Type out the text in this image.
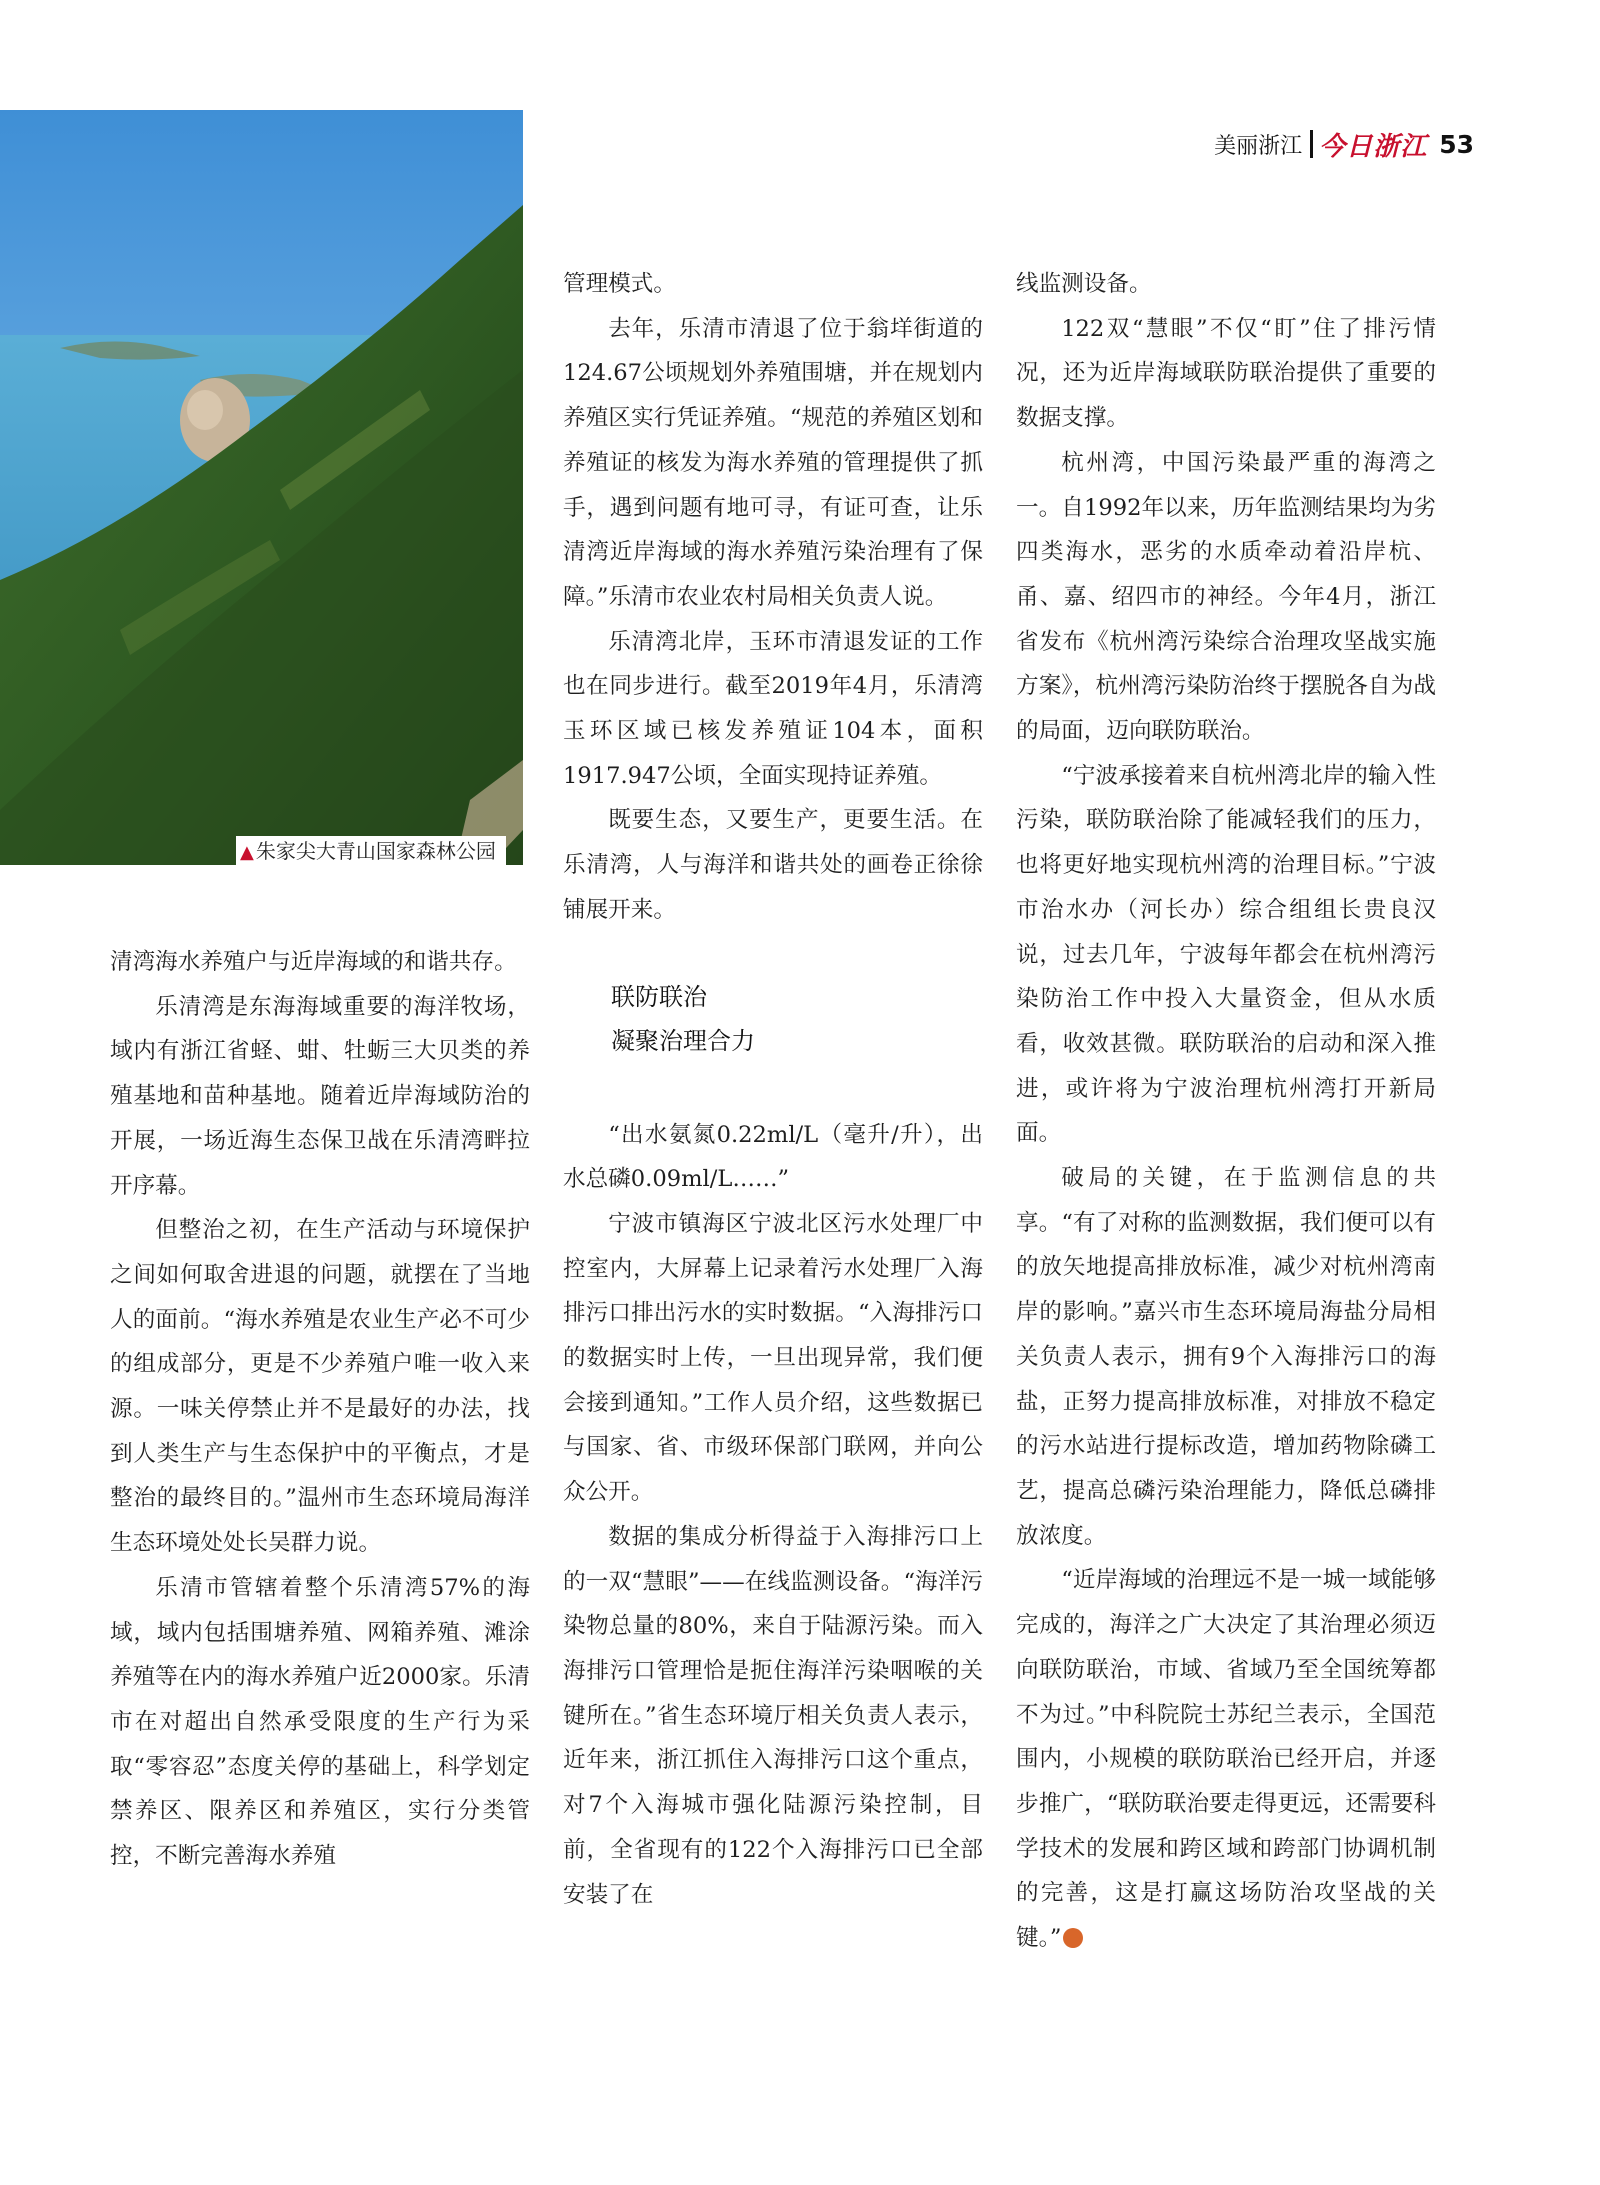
美丽浙江 今日浙江 53
▲ 朱家尖大青山国家森林公园

清湾海水养殖户与近岸海域的和谐共存。

乐清湾是东海海域重要的海洋牧场，域内有浙江省蛏、蚶、牡蛎三大贝类的养殖基地和苗种基地。随着近岸海域防治的开展，一场近海生态保卫战在乐清湾畔拉开序幕。

但整治之初，在生产活动与环境保护之间如何取舍进退的问题，就摆在了当地人的面前。“海水养殖是农业生产必不可少的组成部分，更是不少养殖户唯一收入来源。一味关停禁止并不是最好的办法，找到人类生产与生态保护中的平衡点，才是整治的最终目的。”温州市生态环境局海洋生态环境处处长吴群力说。

乐清市管辖着整个乐清湾57%的海域，域内包括围塘养殖、网箱养殖、滩涂养殖等在内的海水养殖户近2000家。乐清市在对超出自然承受限度的生产行为采取“零容忍”态度关停的基础上，科学划定禁养区、限养区和养殖区，实行分类管控，不断完善海水养殖

管理模式。

去年，乐清市清退了位于翁垟街道的124.67公顷规划外养殖围塘，并在规划内养殖区实行凭证养殖。“规范的养殖区划和养殖证的核发为海水养殖的管理提供了抓手，遇到问题有地可寻，有证可查，让乐清湾近岸海域的海水养殖污染治理有了保障。”乐清市农业农村局相关负责人说。

乐清湾北岸，玉环市清退发证的工作也在同步进行。截至2019年4月，乐清湾玉环区域已核发养殖证104本，面积1917.947公顷，全面实现持证养殖。

既要生态，又要生产，更要生活。在乐清湾，人与海洋和谐共处的画卷正徐徐铺展开来。

联防联治

凝聚治理合力

“出水氨氮0.22ml/L（毫升/升），出水总磷0.09ml/L……”

宁波市镇海区宁波北区污水处理厂中控室内，大屏幕上记录着污水处理厂入海排污口排出污水的实时数据。“入海排污口的数据实时上传，一旦出现异常，我们便会接到通知。”工作人员介绍，这些数据已与国家、省、市级环保部门联网，并向公众公开。

数据的集成分析得益于入海排污口上的一双“慧眼”——在线监测设备。“海洋污染物总量的80%，来自于陆源污染。而入海排污口管理恰是扼住海洋污染咽喉的关键所在。”省生态环境厅相关负责人表示，近年来，浙江抓住入海排污口这个重点，对7个入海城市强化陆源污染控制，目前，全省现有的122个入海排污口已全部安装了在

线监测设备。

122双“慧眼”不仅“盯”住了排污情况，还为近岸海域联防联治提供了重要的数据支撑。

杭州湾，中国污染最严重的海湾之一。自1992年以来，历年监测结果均为劣四类海水，恶劣的水质牵动着沿岸杭、甬、嘉、绍四市的神经。今年4月，浙江省发布《杭州湾污染综合治理攻坚战实施方案》，杭州湾污染防治终于摆脱各自为战的局面，迈向联防联治。

“宁波承接着来自杭州湾北岸的输入性污染，联防联治除了能减轻我们的压力，也将更好地实现杭州湾的治理目标。”宁波市治水办（河长办）综合组组长贵良汉说，过去几年，宁波每年都会在杭州湾污染防治工作中投入大量资金，但从水质看，收效甚微。联防联治的启动和深入推进，或许将为宁波治理杭州湾打开新局面。

破局的关键，在于监测信息的共享。“有了对称的监测数据，我们便可以有的放矢地提高排放标准，减少对杭州湾南岸的影响。”嘉兴市生态环境局海盐分局相关负责人表示，拥有9个入海排污口的海盐，正努力提高排放标准，对排放不稳定的污水站进行提标改造，增加药物除磷工艺，提高总磷污染治理能力，降低总磷排放浓度。

“近岸海域的治理远不是一城一域能够完成的，海洋之广大决定了其治理必须迈向联防联治，市域、省域乃至全国统筹都不为过。”中科院院士苏纪兰表示，全国范围内，小规模的联防联治已经开启，并逐步推广，“联防联治要走得更远，还需要科学技术的发展和跨区域和跨部门协调机制的完善，这是打赢这场防治攻坚战的关键。”
